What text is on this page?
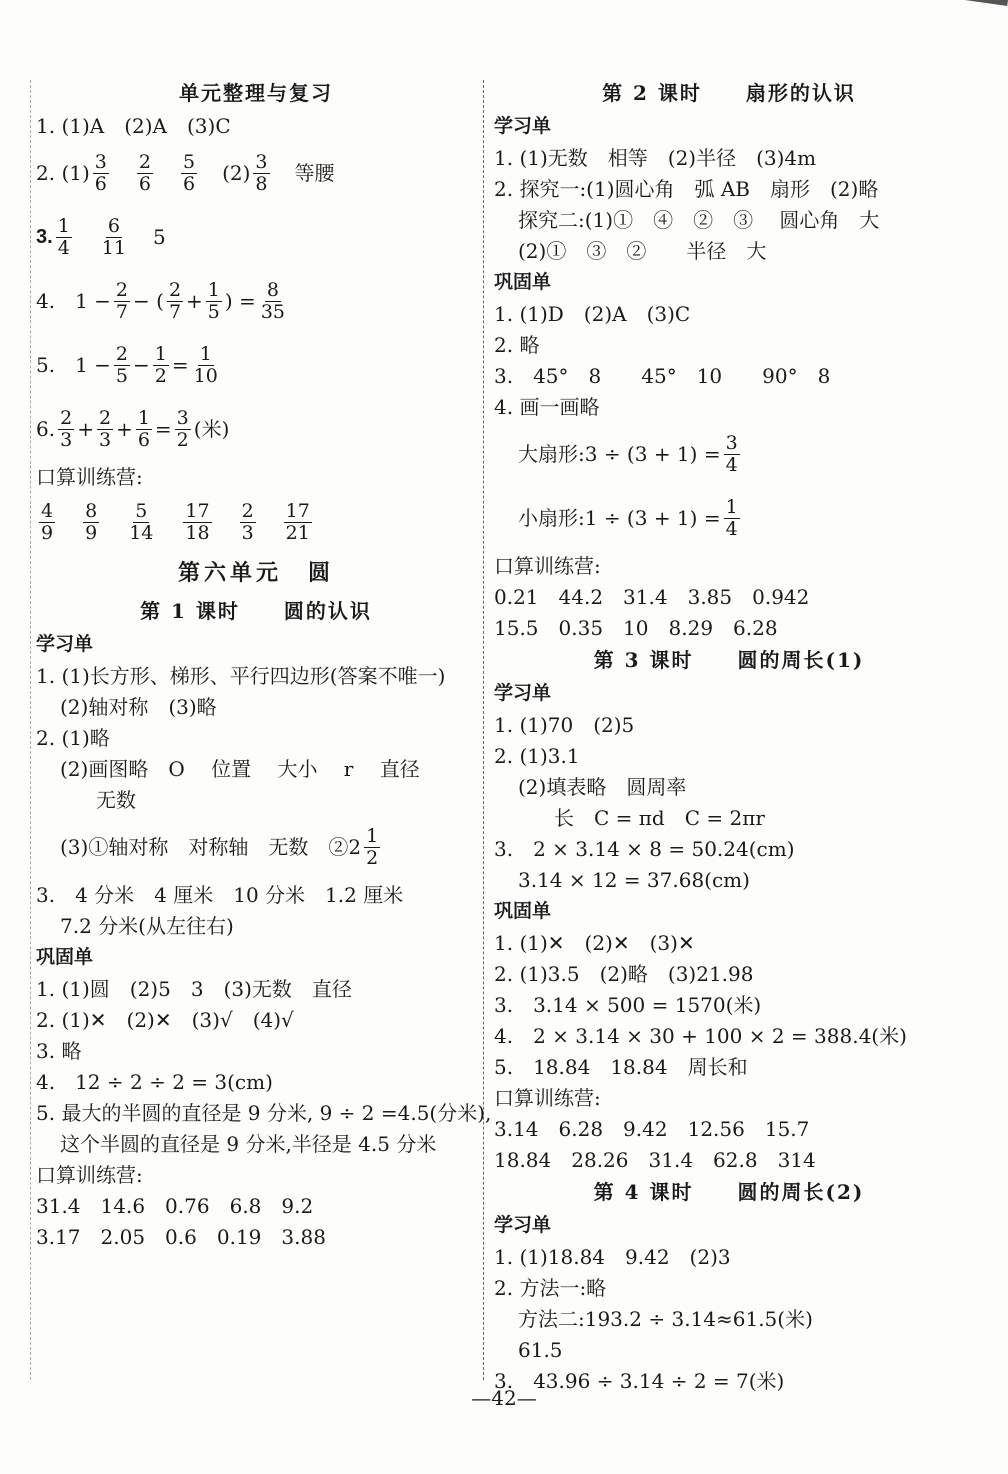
单元整理与复习
1. (1)A　(2)A　(3)C
2. $(1) \frac{3}{6} \frac{2}{6} \frac{5}{6} (2) \frac{3}{8}$ 等腰
3. $\frac{1}{4} \frac{6}{11} 5$
4.　$1 - \frac{2}{7}$ − ( $\frac{2}{7} + \frac{1}{5}$ ) = $\frac{8}{35}$
5.　$1 - \frac{2}{5} - \frac{1}{2} = \frac{1}{10}$
6. $\frac{2}{3} + \frac{2}{3} + \frac{1}{6} = \frac{3}{2}$ (米)
口算训练营:
$\frac{4}{9} \frac{8}{9} \frac{5}{14} \frac{17}{18} \frac{2}{3} \frac{17}{21}$
第六单元　圆
第 1 课时　　圆的认识
学习单
1. (1)长方形、梯形、平行四边形(答案不唯一)
(2)轴对称　(3)略
2. (1)略
(2)画图略　O　 位置　 大小　 r　 直径
无数
(3)①轴对称　对称轴　无数　②2 $\frac{1}{2}$
3.　4 分米　4 厘米　10 分米　1.2 厘米
7.2 分米(从左往右)
巩固单
1. (1)圆　(2)5　3　(3)无数　直径
2. (1)✕　(2)✕　(3)√　(4)√
3. 略
4.　12 ÷ 2 ÷ 2 = 3(cm)
5. 最大的半圆的直径是 9 分米, 9 ÷ 2 =4.5(分米),
这个半圆的直径是 9 分米,半径是 4.5 分米
口算训练营:
31.4　14.6　0.76　6.8　9.2
3.17　2.05　0.6　0.19　3.88
第 2 课时　　扇形的认识
学习单
1. (1)无数　相等　(2)半径　(3)4m
2. 探究一:(1)圆心角　弧 AB　扇形　(2)略
探究二:(1)①　④　②　③　 圆心角　大
(2)①　③　②　　半径　大
巩固单
1. (1)D　(2)A　(3)C
2. 略
3.　45°　8　　45°　10　　90°　8
4. 画一画略
大扇形:3 ÷ $(3 + 1) = \frac{3}{4}$
小扇形:1 ÷ $(3 + 1) = \frac{1}{4}$
口算训练营:
0.21　44.2　31.4　3.85　0.942
15.5　0.35　10　8.29　6.28
第 3 课时　　圆的周长(1)
学习单
1. (1)70　(2)5
2. (1)3.1
(2)填表略　圆周率
长　C = πd　C = 2πr
3.　2 × 3.14 × 8 = 50.24(cm)
3.14 × 12 = 37.68(cm)
巩固单
1. (1)✕　(2)✕　(3)✕
2. (1)3.5　(2)略　(3)21.98
3.　3.14 × 500 = 1570(米)
4.　2 × 3.14 × 30 + 100 × 2 = 388.4(米)
5.　18.84　18.84　周长和
口算训练营:
3.14　6.28　9.42　12.56　15.7
18.84　28.26　31.4　62.8　314
第 4 课时　　圆的周长(2)
学习单
1. (1)18.84　9.42　(2)3
2. 方法一:略
方法二:193.2 ÷ 3.14≈61.5(米)
61.5
3.　43.96 ÷ 3.14 ÷ 2 = 7(米)
—42—
